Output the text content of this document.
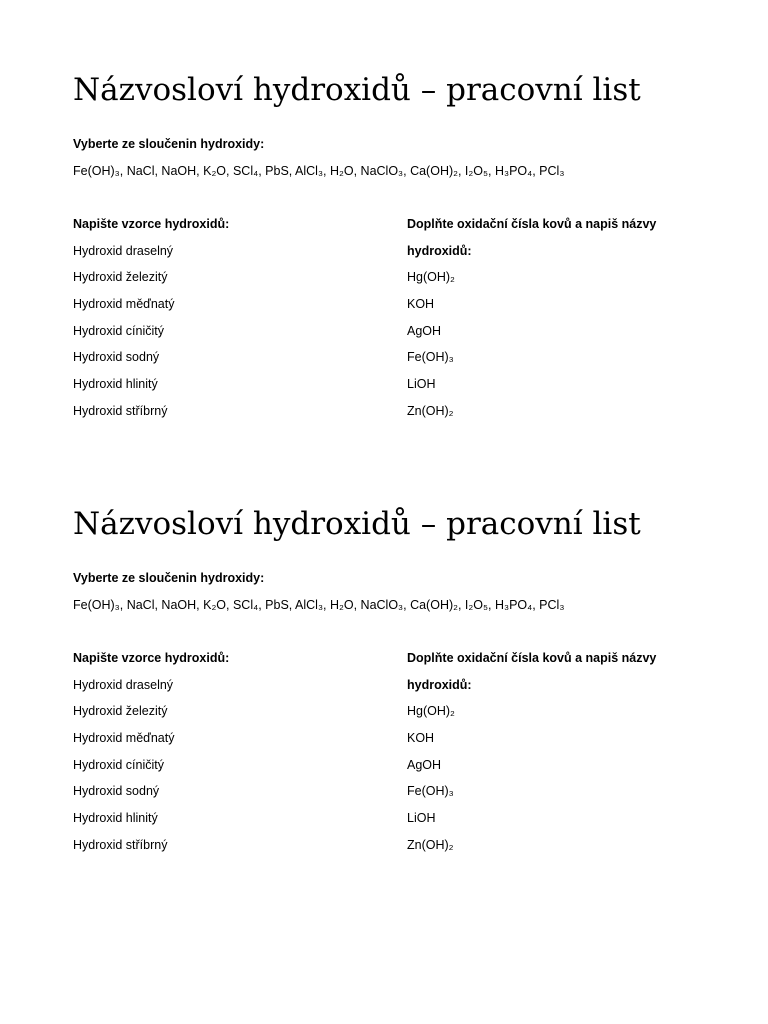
Názvosloví hydroxidů – pracovní list
Vyberte ze sloučenin hydroxidy:
Fe(OH)₃, NaCl, NaOH, K₂O, SCl₄, PbS, AlCl₃, H₂O, NaClO₃, Ca(OH)₂, I₂O₅, H₃PO₄, PCl₃
Napište vzorce hydroxidů:
Hydroxid draselný
Hydroxid železitý
Hydroxid měďnatý
Hydroxid cíničitý
Hydroxid sodný
Hydroxid hlinitý
Hydroxid stříbrný
Doplňte oxidační čísla kovů a napiš názvy
hydroxidů:
Hg(OH)₂
KOH
AgOH
Fe(OH)₃
LiOH
Zn(OH)₂
Názvosloví hydroxidů – pracovní list
Vyberte ze sloučenin hydroxidy:
Fe(OH)₃, NaCl, NaOH, K₂O, SCl₄, PbS, AlCl₃, H₂O, NaClO₃, Ca(OH)₂, I₂O₅, H₃PO₄, PCl₃
Napište vzorce hydroxidů:
Hydroxid draselný
Hydroxid železitý
Hydroxid měďnatý
Hydroxid cíničitý
Hydroxid sodný
Hydroxid hlinitý
Hydroxid stříbrný
Doplňte oxidační čísla kovů a napiš názvy
hydroxidů:
Hg(OH)₂
KOH
AgOH
Fe(OH)₃
LiOH
Zn(OH)₂
